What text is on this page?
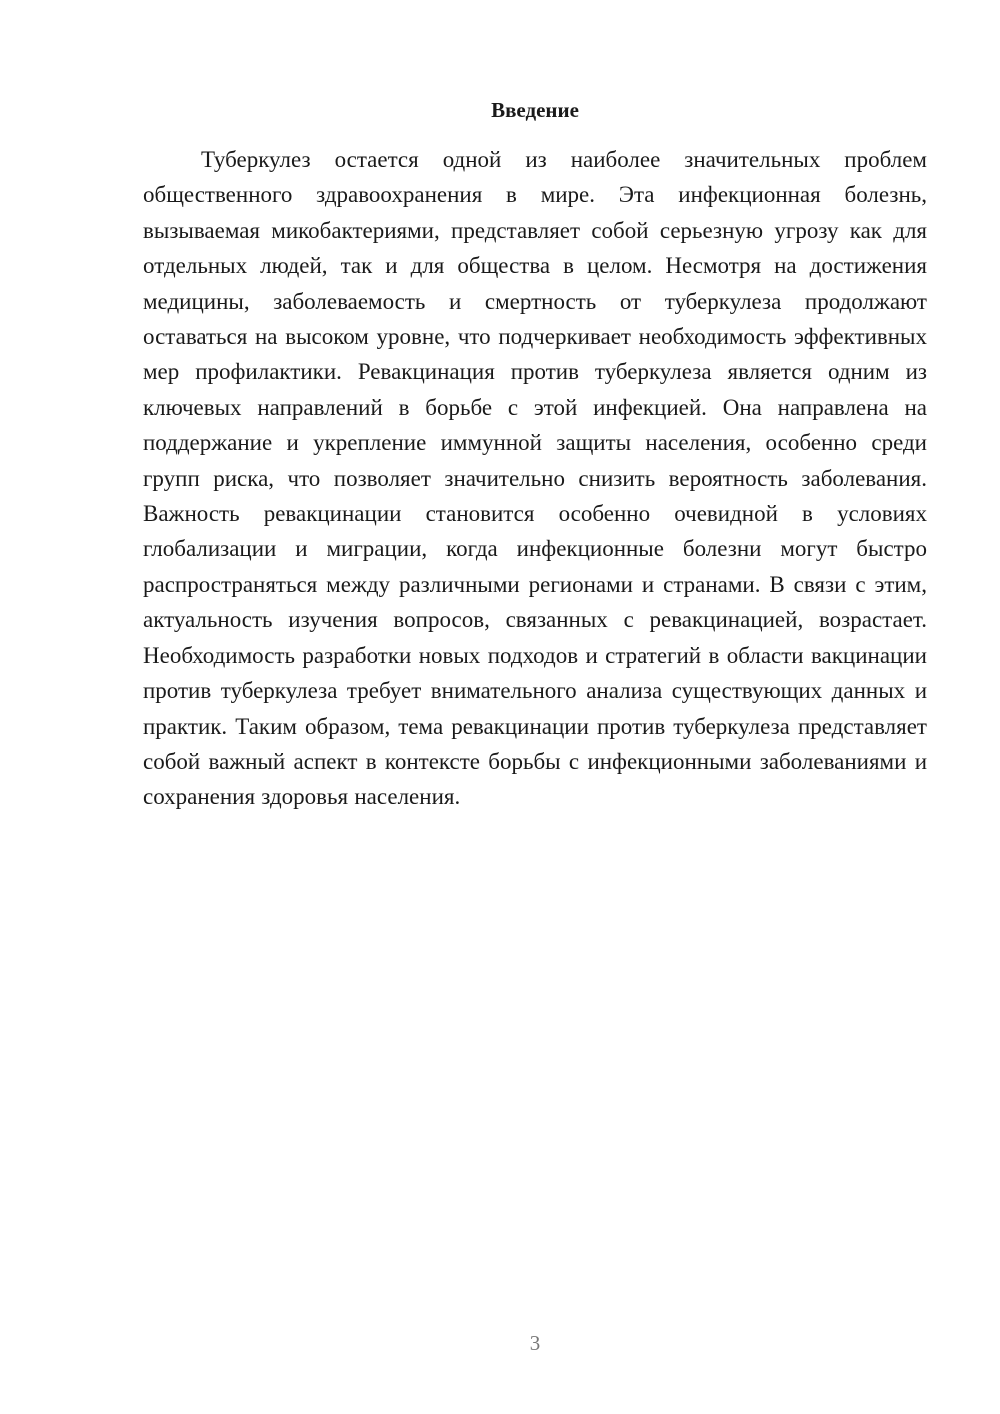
Введение

Туберкулез остается одной из наиболее значительных проблем общественного здравоохранения в мире. Эта инфекционная болезнь, вызываемая микобактериями, представляет собой серьезную угрозу как для отдельных людей, так и для общества в целом. Несмотря на достижения медицины, заболеваемость и смертность от туберкулеза продолжают оставаться на высоком уровне, что подчеркивает необходимость эффективных мер профилактики. Ревакцинация против туберкулеза является одним из ключевых направлений в борьбе с этой инфекцией. Она направлена на поддержание и укрепление иммунной защиты населения, особенно среди групп риска, что позволяет значительно снизить вероятность заболевания. Важность ревакцинации становится особенно очевидной в условиях глобализации и миграции, когда инфекционные болезни могут быстро распространяться между различными регионами и странами. В связи с этим, актуальность изучения вопросов, связанных с ревакцинацией, возрастает. Необходимость разработки новых подходов и стратегий в области вакцинации против туберкулеза требует внимательного анализа существующих данных и практик. Таким образом, тема ревакцинации против туберкулеза представляет собой важный аспект в контексте борьбы с инфекционными заболеваниями и сохранения здоровья населения.

3
